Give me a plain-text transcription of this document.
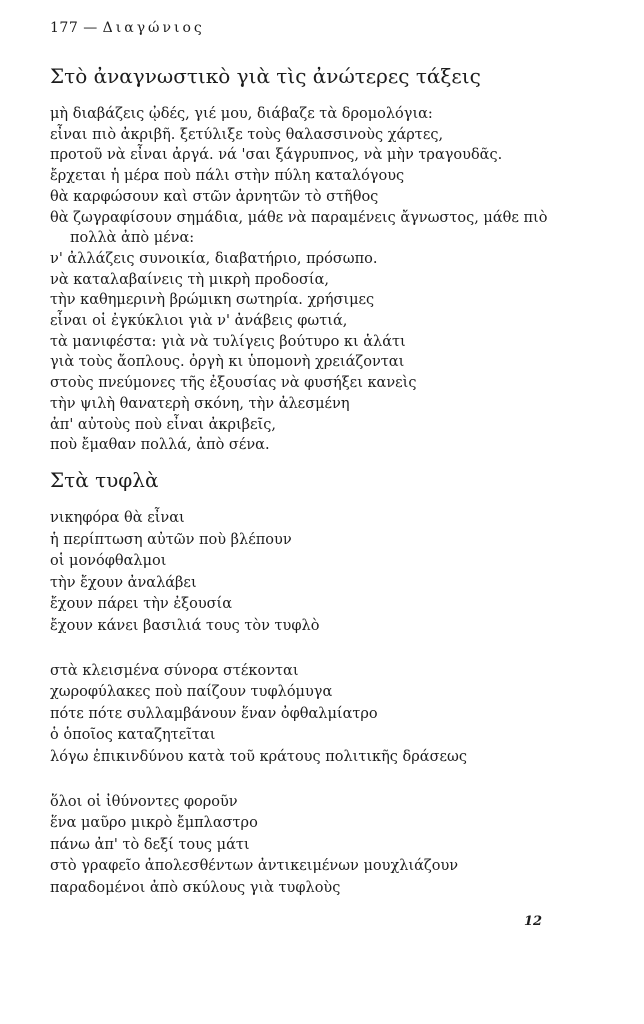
177 — Διαγώνιος
Στὸ ἀναγνωστικὸ γιὰ τὶς ἀνώτερες τάξεις
μὴ διαβάζεις ᾠδές, γιέ μου, διάβαζε τὰ δρομολόγια:
εἶναι πιὸ ἀκριβῆ. ξετύλιξε τοὺς θαλασσινοὺς χάρτες,
προτοῦ νὰ εἶναι ἀργά. νά 'σαι ξάγρυπνος, νὰ μὴν τραγουδᾶς.
ἔρχεται ἡ μέρα ποὺ πάλι στὴν πύλη καταλόγους
θὰ καρφώσουν καὶ στῶν ἀρνητῶν τὸ στῆθος
θὰ ζωγραφίσουν σημάδια, μάθε νὰ παραμένεις ἄγνωστος, μάθε πιὸ
πολλὰ ἀπὸ μένα:
ν' ἀλλάζεις συνοικία, διαβατήριο, πρόσωπο.
νὰ καταλαβαίνεις τὴ μικρὴ προδοσία,
τὴν καθημερινὴ βρώμικη σωτηρία. χρήσιμες
εἶναι οἱ ἐγκύκλιοι γιὰ ν' ἀνάβεις φωτιά,
τὰ μανιφέστα: γιὰ νὰ τυλίγεις βούτυρο κι ἁλάτι
γιὰ τοὺς ἄοπλους. ὀργὴ κι ὑπομονὴ χρειάζονται
στοὺς πνεύμονες τῆς ἐξουσίας νὰ φυσήξει κανεὶς
τὴν ψιλὴ θανατερὴ σκόνη, τὴν ἀλεσμένη
ἀπ' αὐτοὺς ποὺ εἶναι ἀκριβεῖς,
ποὺ ἔμαθαν πολλά, ἀπὸ σένα.
Στὰ τυφλὰ
νικηφόρα θὰ εἶναι
ἡ περίπτωση αὐτῶν ποὺ βλέπουν
οἱ μονόφθαλμοι
τὴν ἔχουν ἀναλάβει
ἔχουν πάρει τὴν ἐξουσία
ἔχουν κάνει βασιλιά τους τὸν τυφλὸ
στὰ κλεισμένα σύνορα στέκονται
χωροφύλακες ποὺ παίζουν τυφλόμυγα
πότε πότε συλλαμβάνουν ἕναν ὀφθαλμίατρο
ὁ ὁποῖος καταζητεῖται
λόγω ἐπικινδύνου κατὰ τοῦ κράτους πολιτικῆς δράσεως
ὅλοι οἱ ἰθύνοντες φοροῦν
ἕνα μαῦρο μικρὸ ἔμπλαστρο
πάνω ἀπ' τὸ δεξί τους μάτι
στὸ γραφεῖο ἀπολεσθέντων ἀντικειμένων μουχλιάζουν
παραδομένοι ἀπὸ σκύλους γιὰ τυφλοὺς
12
